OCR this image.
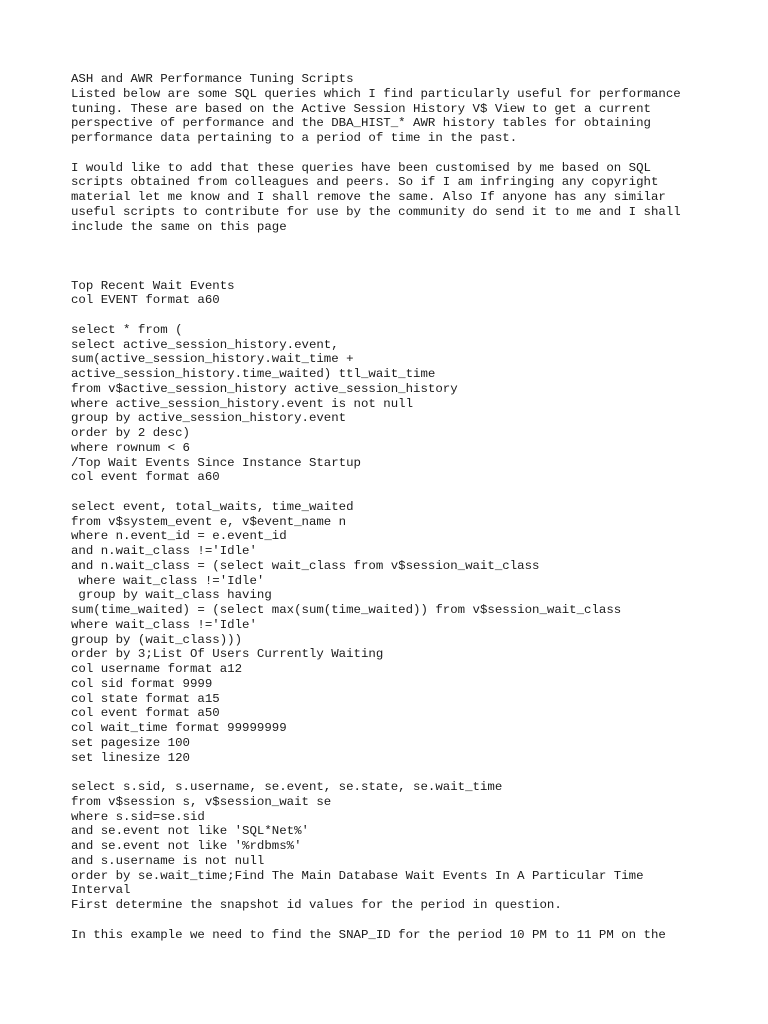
ASH and AWR Performance Tuning Scripts
Listed below are some SQL queries which I find particularly useful for performance
tuning. These are based on the Active Session History V$ View to get a current
perspective of performance and the DBA_HIST_* AWR history tables for obtaining
performance data pertaining to a period of time in the past.
I would like to add that these queries have been customised by me based on SQL
scripts obtained from colleagues and peers. So if I am infringing any copyright
material let me know and I shall remove the same. Also If anyone has any similar
useful scripts to contribute for use by the community do send it to me and I shall
include the same on this page
Top Recent Wait Events
col EVENT format a60
select * from (
select active_session_history.event,
sum(active_session_history.wait_time +
active_session_history.time_waited) ttl_wait_time
from v$active_session_history active_session_history
where active_session_history.event is not null
group by active_session_history.event
order by 2 desc)
where rownum < 6
/Top Wait Events Since Instance Startup
col event format a60
select event, total_waits, time_waited
from v$system_event e, v$event_name n
where n.event_id = e.event_id
and n.wait_class !='Idle'
and n.wait_class = (select wait_class from v$session_wait_class
where wait_class !='Idle'
group by wait_class having
sum(time_waited) = (select max(sum(time_waited)) from v$session_wait_class
where wait_class !='Idle'
group by (wait_class)))
order by 3;List Of Users Currently Waiting
col username format a12
col sid format 9999
col state format a15
col event format a50
col wait_time format 99999999
set pagesize 100
set linesize 120
select s.sid, s.username, se.event, se.state, se.wait_time
from v$session s, v$session_wait se
where s.sid=se.sid
and se.event not like 'SQL*Net%'
and se.event not like '%rdbms%'
and s.username is not null
order by se.wait_time;Find The Main Database Wait Events In A Particular Time
Interval
First determine the snapshot id values for the period in question.
In this example we need to find the SNAP_ID for the period 10 PM to 11 PM on the
